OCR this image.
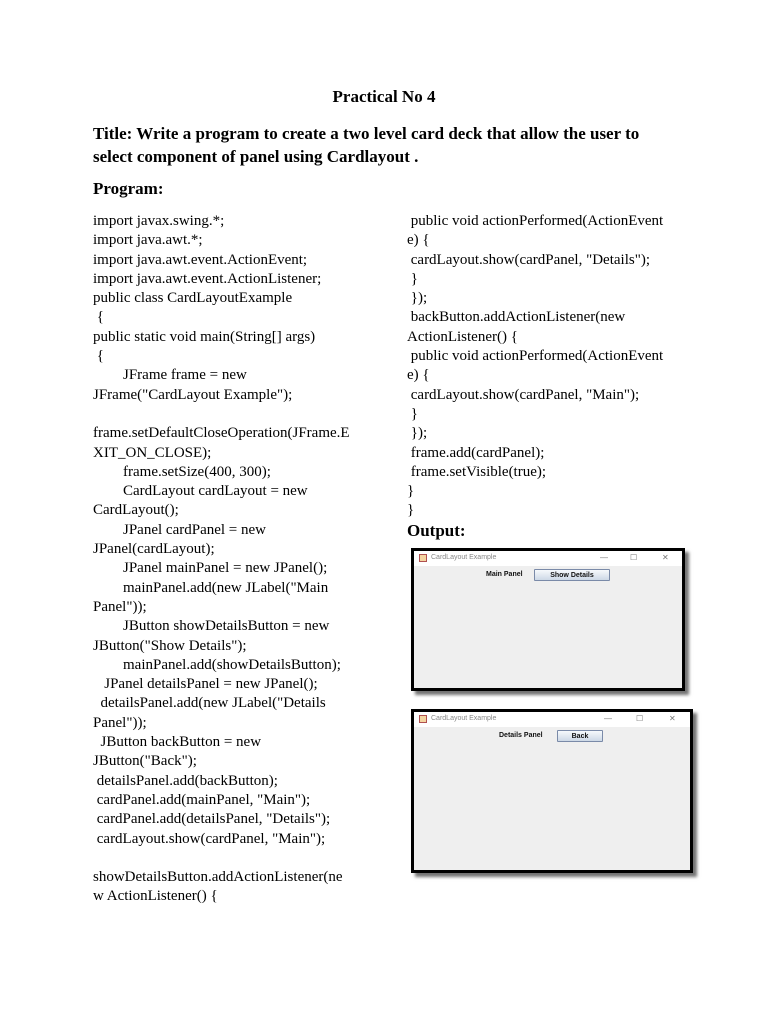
Practical No 4
Title: Write a program to create a two level card deck that allow the user to select component of panel using Cardlayout .
Program:
import javax.swing.*;
import java.awt.*;
import java.awt.event.ActionEvent;
import java.awt.event.ActionListener;
public class CardLayoutExample
{
public static void main(String[] args)
{
JFrame frame = new
JFrame("CardLayout Example");

frame.setDefaultCloseOperation(JFrame.E
XIT_ON_CLOSE);
frame.setSize(400, 300);
CardLayout cardLayout = new
CardLayout();
JPanel cardPanel = new
JPanel(cardLayout);
JPanel mainPanel = new JPanel();
mainPanel.add(new JLabel("Main
Panel"));
JButton showDetailsButton = new
JButton("Show Details");
mainPanel.add(showDetailsButton);
JPanel detailsPanel = new JPanel();
detailsPanel.add(new JLabel("Details
Panel"));
JButton backButton = new
JButton("Back");
detailsPanel.add(backButton);
cardPanel.add(mainPanel, "Main");
cardPanel.add(detailsPanel, "Details");
cardLayout.show(cardPanel, "Main");

showDetailsButton.addActionListener(ne
w ActionListener() {
public void actionPerformed(ActionEvent
e) {
cardLayout.show(cardPanel, "Details");
}
});
backButton.addActionListener(new
ActionListener() {
public void actionPerformed(ActionEvent
e) {
cardLayout.show(cardPanel, "Main");
}
});
frame.add(cardPanel);
frame.setVisible(true);
}
}
Output:
CardLayout Example	—	☐	✕
Main Panel	Show Details
CardLayout Example	—	☐	✕
Details Panel	Back
